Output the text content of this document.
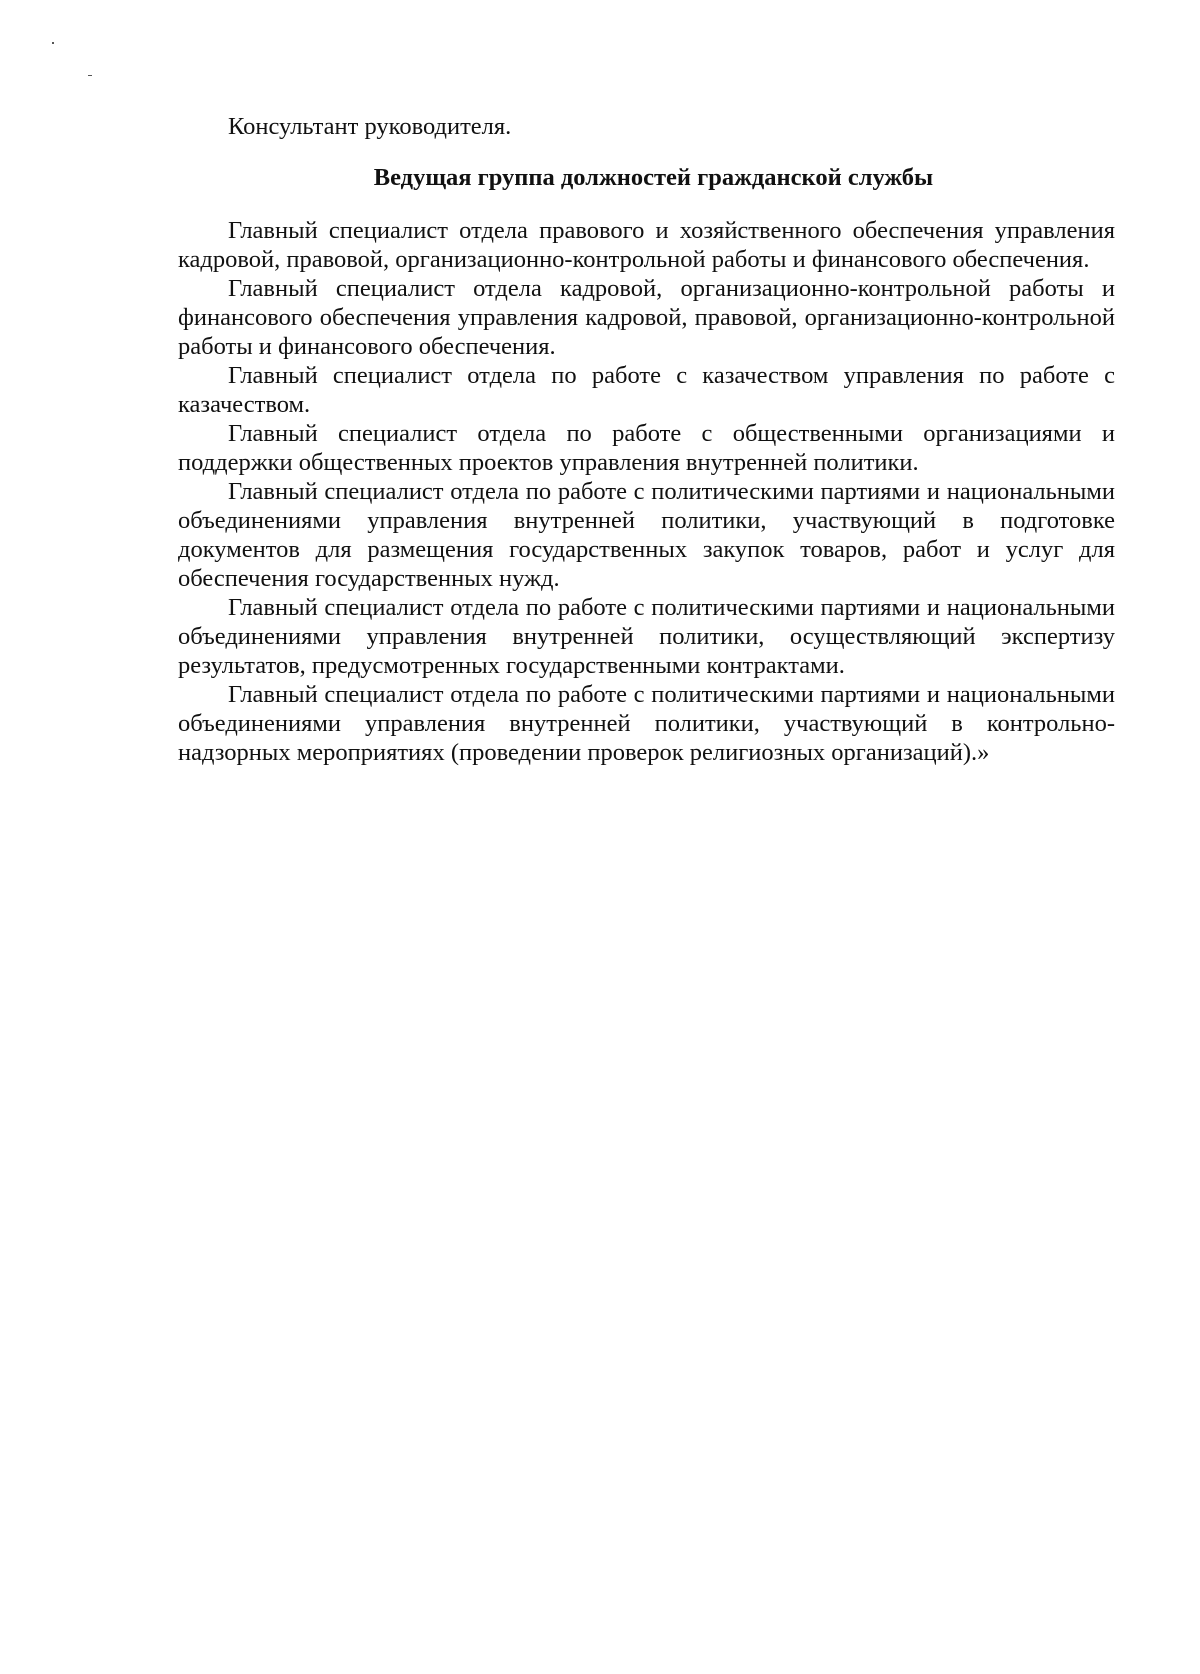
Консультант руководителя.

Ведущая группа должностей гражданской службы

Главный специалист отдела правового и хозяйственного обеспечения управления кадровой, правовой, организационно-контрольной работы и финансового обеспечения.

Главный специалист отдела кадровой, организационно-контрольной работы и финансового обеспечения управления кадровой, правовой, организационно-контрольной работы и финансового обеспечения.

Главный специалист отдела по работе с казачеством управления по работе с казачеством.

Главный специалист отдела по работе с общественными организациями и поддержки общественных проектов управления внутренней политики.

Главный специалист отдела по работе с политическими партиями и национальными объединениями управления внутренней политики, участвующий в подготовке документов для размещения государственных закупок товаров, работ и услуг для обеспечения государственных нужд.

Главный специалист отдела по работе с политическими партиями и национальными объединениями управления внутренней политики, осуществляющий экспертизу результатов, предусмотренных государственными контрактами.

Главный специалист отдела по работе с политическими партиями и национальными объединениями управления внутренней политики, участвующий в контрольно-надзорных мероприятиях (проведении проверок религиозных организаций).»
